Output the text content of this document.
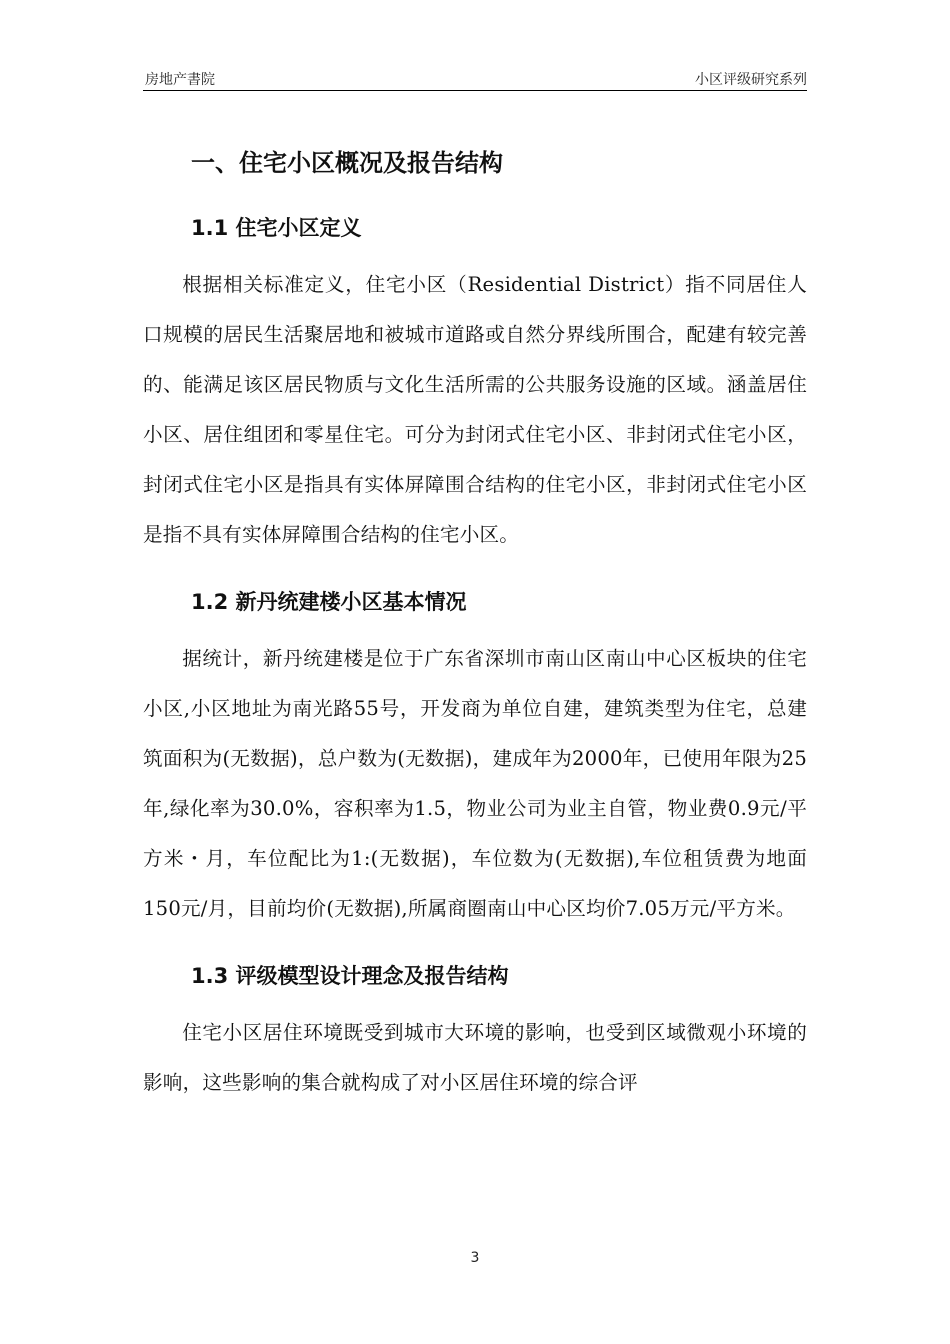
房地产書院	小区评级研究系列
一、住宅小区概况及报告结构
1.1 住宅小区定义

根据相关标准定义，住宅小区（Residential District）指不同居住人口规模的居民生活聚居地和被城市道路或自然分界线所围合，配建有较完善的、能满足该区居民物质与文化生活所需的公共服务设施的区域。涵盖居住小区、居住组团和零星住宅。可分为封闭式住宅小区、非封闭式住宅小区，封闭式住宅小区是指具有实体屏障围合结构的住宅小区，非封闭式住宅小区是指不具有实体屏障围合结构的住宅小区。

1.2 新丹统建楼小区基本情况

据统计，新丹统建楼是位于广东省深圳市南山区南山中心区板块的住宅小区,小区地址为南光路55号，开发商为单位自建，建筑类型为住宅，总建筑面积为(无数据)，总户数为(无数据)，建成年为2000年，已使用年限为25年,绿化率为30.0%，容积率为1.5，物业公司为业主自管，物业费0.9元/平方米・月，车位配比为1:(无数据)，车位数为(无数据),车位租赁费为地面150元/月，目前均价(无数据),所属商圈南山中心区均价7.05万元/平方米。

1.3 评级模型设计理念及报告结构

住宅小区居住环境既受到城市大环境的影响，也受到区域微观小环境的影响，这些影响的集合就构成了对小区居住环境的综合评

3
